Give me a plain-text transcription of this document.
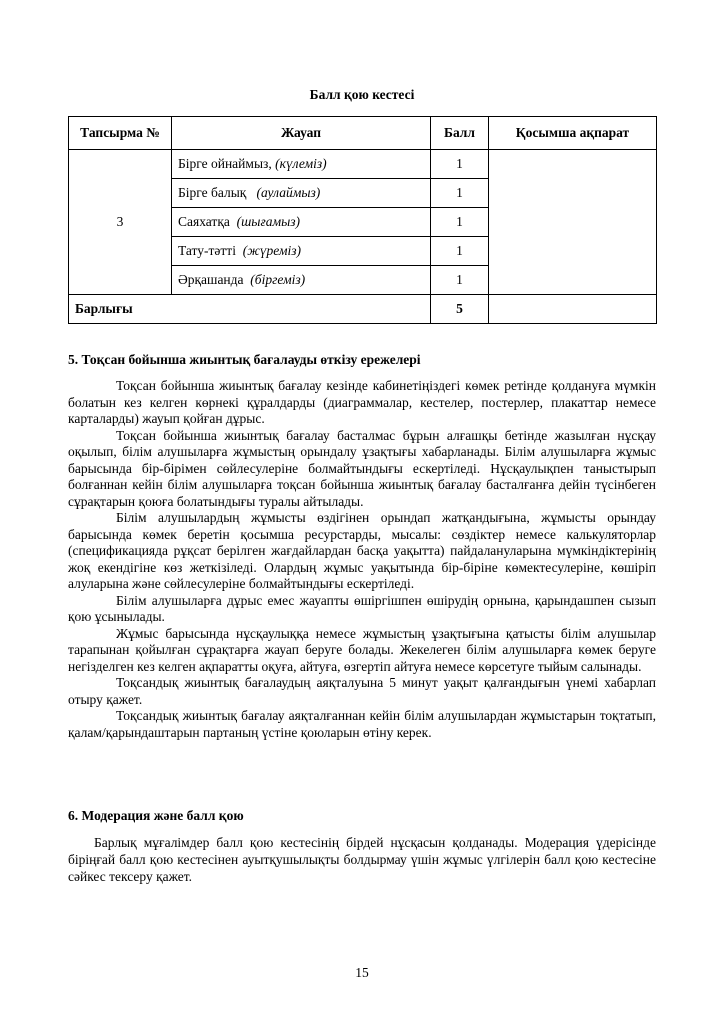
Балл қою кестесі
Тапсырма №	Жауап	Балл	Қосымша ақпарат
3	Бірге ойнаймыз, (күлеміз)	1	
	Бірге балық (аулаймыз)	1	
	Саяхатқа (шығамыз)	1	
	Тату-тәтті (жүреміз)	1	
	Әрқашанда (біргеміз)	1	
Барлығы		5	
5. Тоқсан бойынша жиынтық бағалауды өткізу ережелері

Тоқсан бойынша жиынтық бағалау кезінде кабинетіңіздегі көмек ретінде қолдануға мүмкін болатын кез келген көрнекі құралдарды (диаграммалар, кестелер, постерлер, плакаттар немесе карталарды) жауып қойған дұрыс.

Тоқсан бойынша жиынтық бағалау басталмас бұрын алғашқы бетінде жазылған нұсқау оқылып, білім алушыларға жұмыстың орындалу ұзақтығы хабарланады. Білім алушыларға жұмыс барысында бір-бірімен сөйлесулеріне болмайтындығы ескертіледі. Нұсқаулықпен таныстырып болғаннан кейін білім алушыларға тоқсан бойынша жиынтық бағалау басталғанға дейін түсінбеген сұрақтарын қоюға болатындығы туралы айтылады.

Білім алушылардың жұмысты өздігінен орындап жатқандығына, жұмысты орындау барысында көмек беретін қосымша ресурстарды, мысалы: сөздіктер немесе калькуляторлар (спецификацияда рұқсат берілген жағдайлардан басқа уақытта) пайдалануларына мүмкіндіктерінің жоқ екендігіне көз жеткізіледі. Олардың жұмыс уақытында бір-біріне көмектесулеріне, көшіріп алуларына және сөйлесулеріне болмайтындығы ескертіледі.

Білім алушыларға дұрыс емес жауапты өшіргішпен өшірудің орнына, қарындашпен сызып қою ұсынылады.

Жұмыс барысында нұсқаулыққа немесе жұмыстың ұзақтығына қатысты білім алушылар тарапынан қойылған сұрақтарға жауап беруге болады. Жекелеген білім алушыларға көмек беруге негізделген кез келген ақпаратты оқуға, айтуға, өзгертіп айтуға немесе көрсетуге тыйым салынады.

Тоқсандық жиынтық бағалаудың аяқталуына 5 минут уақыт қалғандығын үнемі хабарлап отыру қажет.

Тоқсандық жиынтық бағалау аяқталғаннан кейін білім алушылардан жұмыстарын тоқтатып, қалам/қарындаштарын партаның үстіне қоюларын өтіну керек.

6. Модерация және балл қою

Барлық мұғалімдер балл қою кестесінің бірдей нұсқасын қолданады. Модерация үдерісінде біріңғай балл қою кестесінен ауытқушылықты болдырмау үшін жұмыс үлгілерін балл қою кестесіне сәйкес тексеру қажет.

15
